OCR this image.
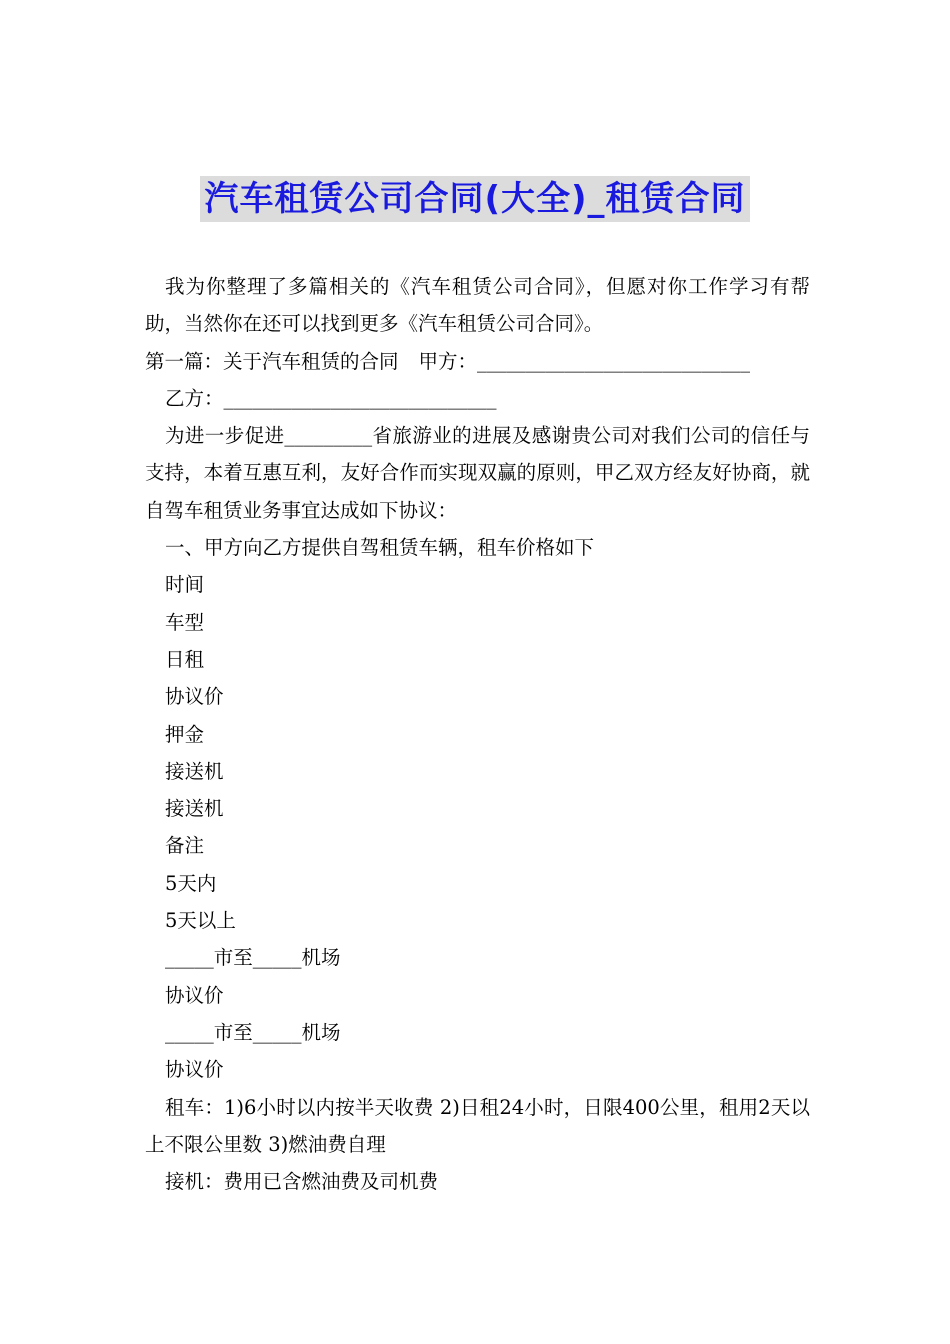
汽车租赁公司合同(大全)_租赁合同

我为你整理了多篇相关的《汽车租赁公司合同》，但愿对你工作学习有帮助，当然你在还可以找到更多《汽车租赁公司合同》。

第一篇：关于汽车租赁的合同 甲方：____________________________

乙方：____________________________

为进一步促进_________省旅游业的进展及感谢贵公司对我们公司的信任与支持，本着互惠互利，友好合作而实现双赢的原则，甲乙双方经友好协商，就自驾车租赁业务事宜达成如下协议：

一、甲方向乙方提供自驾租赁车辆，租车价格如下

时间

车型

日租

协议价

押金

接送机

接送机

备注

5天内

5天以上

_____市至_____机场

协议价

_____市至_____机场

协议价

租车：1)6小时以内按半天收费 2)日租24小时，日限400公里，租用2天以上不限公里数 3)燃油费自理

接机：费用已含燃油费及司机费
